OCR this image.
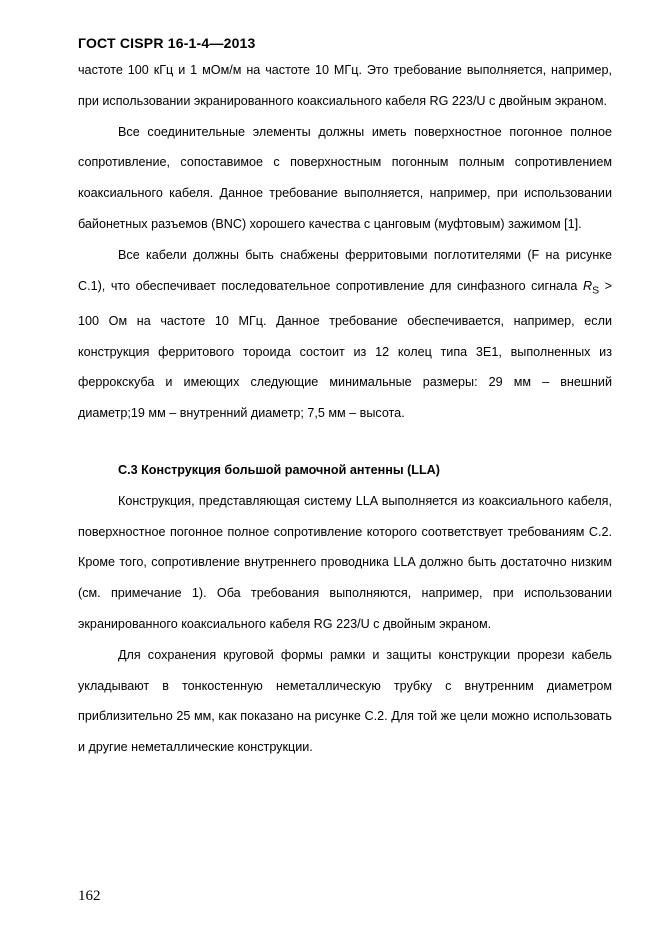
ГОСТ CISPR 16-1-4—2013

частоте 100 кГц и 1 мОм/м на частоте 10 МГц. Это требование выполняется, например, при использовании экранированного коаксиального кабеля RG 223/U с двойным экраном.

Все соединительные элементы должны иметь поверхностное погонное полное сопротивление, сопоставимое с поверхностным погонным полным сопротивлением коаксиального кабеля. Данное требование выполняется, например, при использовании байонетных разъемов (BNC) хорошего качества с цанговым (муфтовым) зажимом [1].

Все кабели должны быть снабжены ферритовыми поглотителями (F на рисунке С.1), что обеспечивает последовательное сопротивление для синфазного сигнала $R_S > 100$ Ом на частоте 10 МГц. Данное требование обеспечивается, например, если конструкция ферритового тороида состоит из 12 колец типа 3Е1, выполненных из феррокскуба и имеющих следующие минимальные размеры: 29 мм – внешний диаметр;19 мм – внутренний диаметр; 7,5 мм – высота.

С.3 Конструкция большой рамочной антенны (LLA)

Конструкция, представляющая систему LLA выполняется из коаксиального кабеля, поверхностное погонное полное сопротивление которого соответствует требованиям С.2. Кроме того, сопротивление внутреннего проводника LLA должно быть достаточно низким (см. примечание 1). Оба требования выполняются, например, при использовании экранированного коаксиального кабеля RG 223/U с двойным экраном.

Для сохранения круговой формы рамки и защиты конструкции прорези кабель укладывают в тонкостенную неметаллическую трубку с внутренним диаметром приблизительно 25 мм, как показано на рисунке С.2. Для той же цели можно использовать и другие неметаллические конструкции.

162
